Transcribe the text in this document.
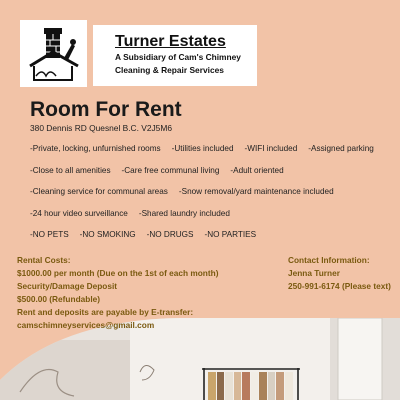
Turner Estates
A Subsidiary of Cam's Chimney
Cleaning & Repair Services
Room For Rent
380 Dennis RD Quesnel B.C. V2J5M6
-Private, locking, unfurnished rooms -Utilities included -WIFI included -Assigned parking
-Close to all amenities -Care free communal living -Adult oriented
-Cleaning service for communal areas -Snow removal/yard maintenance included
-24 hour video surveillance -Shared laundry included
-NO PETS -NO SMOKING -NO DRUGS -NO PARTIES
Rental Costs:
$1000.00 per month (Due on the 1st of each month)
Security/Damage Deposit
$500.00 (Refundable)
Rent and deposits are payable by E-transfer:
camschimneyservices@gmail.com
Contact Information:
Jenna Turner
250-991-6174 (Please text)
